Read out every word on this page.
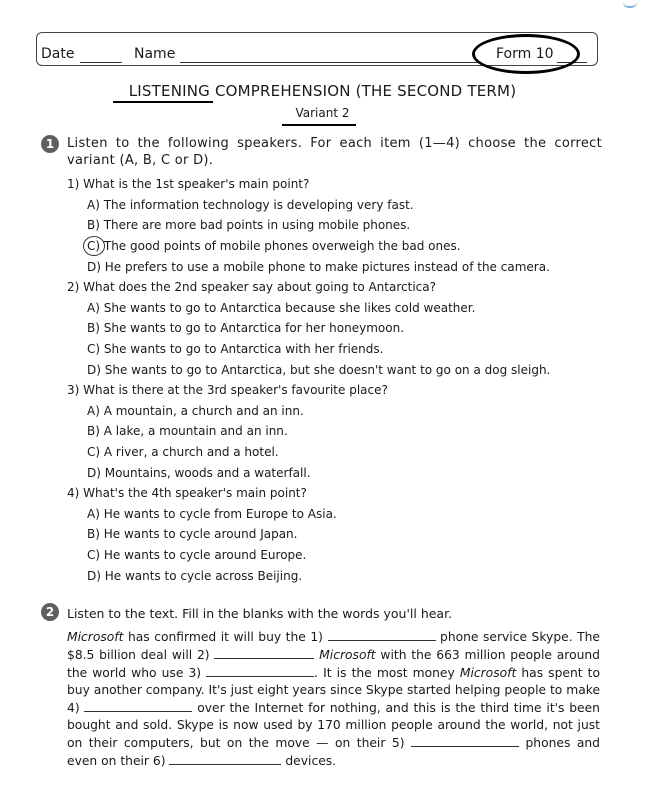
Date	Name	Form 10
LISTENING COMPREHENSION (THE SECOND TERM)
Variant 2
1 Listen to the following speakers. For each item (1—4) choose the correct variant (A, B, C or D).
1) What is the 1st speaker's main point?
A) The information technology is developing very fast.
B) There are more bad points in using mobile phones.
C) The good points of mobile phones overweigh the bad ones.
D) He prefers to use a mobile phone to make pictures instead of the camera.
2) What does the 2nd speaker say about going to Antarctica?
A) She wants to go to Antarctica because she likes cold weather.
B) She wants to go to Antarctica for her honeymoon.
C) She wants to go to Antarctica with her friends.
D) She wants to go to Antarctica, but she doesn't want to go on a dog sleigh.
3) What is there at the 3rd speaker's favourite place?
A) A mountain, a church and an inn.
B) A lake, a mountain and an inn.
C) A river, a church and a hotel.
D) Mountains, woods and a waterfall.
4) What's the 4th speaker's main point?
A) He wants to cycle from Europe to Asia.
B) He wants to cycle around Japan.
C) He wants to cycle around Europe.
D) He wants to cycle across Beijing.
2	Listen to the text. Fill in the blanks with the words you'll hear.
Microsoft has confirmed it will buy the 1)	phone service Skype. The $8.5 billion deal will 2)	Microsoft with the 663 million people around the world who use 3)	. It is the most money Microsoft has spent to buy another company. It's just eight years since Skype started helping people to make 4)	over the Internet for nothing, and this is the third time it's been bought and sold. Skype is now used by 170 million people around the world, not just on their computers, but on the move — on their 5)	phones and even on their 6)	devices.
